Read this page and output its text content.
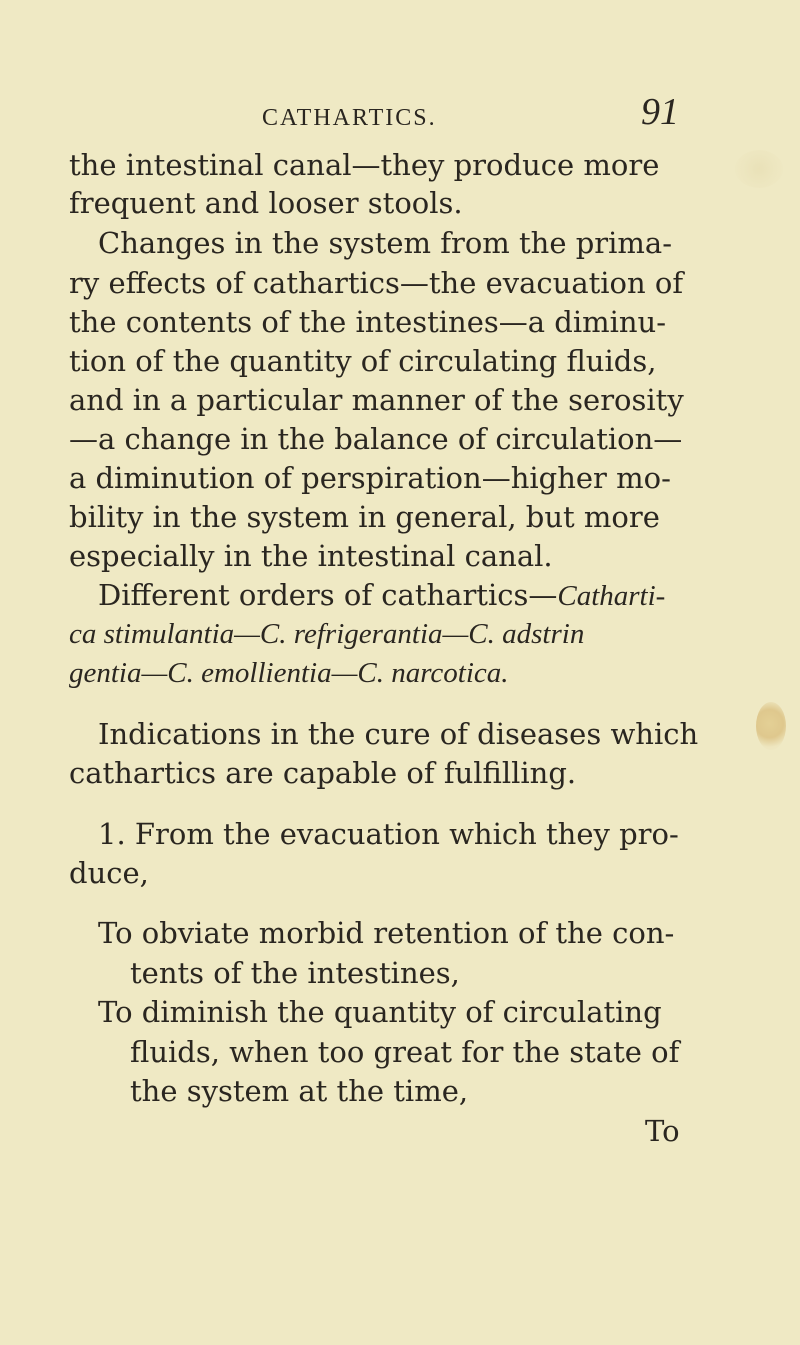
CATHARTICS.	91
the intestinal canal—they produce more
frequent and looser stools.
Changes in the system from the prima-
ry effects of cathartics—the evacuation of
the contents of the intestines—a diminu-
tion of the quantity of circulating fluids,
and in a particular manner of the serosity
—a change in the balance of circulation—
a diminution of perspiration—higher mo-
bility in the system in general, but more
especially in the intestinal canal.
Different orders of cathartics—Catharti-
ca stimulantia—C. refrigerantia—C. adstrin
gentia—C. emollientia—C. narcotica.
Indications in the cure of diseases which
cathartics are capable of fulfilling.
1. From the evacuation which they pro-
duce,
To obviate morbid retention of the con-
tents of the intestines,
To diminish the quantity of circulating
fluids, when too great for the state of
the system at the time,
To
